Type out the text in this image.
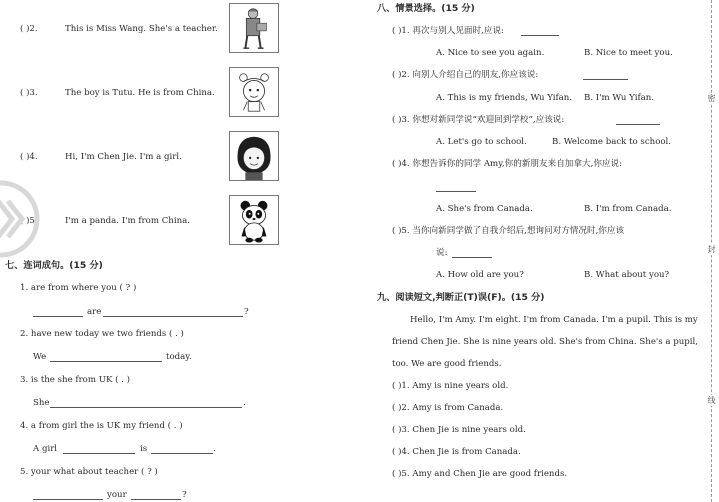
( )2.	This is Miss Wang. She's a teacher.
( )3.	The boy is Tutu. He is from China.
( )4.	Hi, I'm Chen Jie. I'm a girl.
( )5.	I'm a panda. I'm from China.
七、连词成句。(15 分)
1. are from where you ( ? )
are	?
2. have new today we two friends ( . )
We	today.
3. is the she from UK ( . )
She	.
4. a from girl the is UK my friend ( . )
A girl	is	.
5. your what about teacher ( ? )
your	?
八、情景选择。(15 分)
( )1. 再次与别人见面时,应说:
A. Nice to see you again.	B. Nice to meet you.
( )2. 向别人介绍自己的朋友,你应该说:
A. This is my friends, Wu Yifan. B. I'm Wu Yifan.
( )3. 你想对新同学说“欢迎回到学校”,应该说:
A. Let's go to school.	B. Welcome back to school.
( )4. 你想告诉你的同学 Amy,你的新朋友来自加拿大,你应说:
A. She's from Canada.	B. I'm from Canada.
( )5. 当你向新同学做了自我介绍后,想询问对方情况时,你应该
说:
A. How old are you?	B. What about you?
九、阅读短文,判断正(T)误(F)。(15 分)
Hello, I'm Amy. I'm eight. I'm from Canada. I'm a pupil. This is my
friend Chen Jie. She is nine years old. She's from China. She's a pupil,
too. We are good friends.
( )1. Amy is nine years old.
( )2. Amy is from Canada.
( )3. Chen Jie is nine years old.
( )4. Chen Jie is from Canada.
( )5. Amy and Chen Jie are good friends.
密
封
线
